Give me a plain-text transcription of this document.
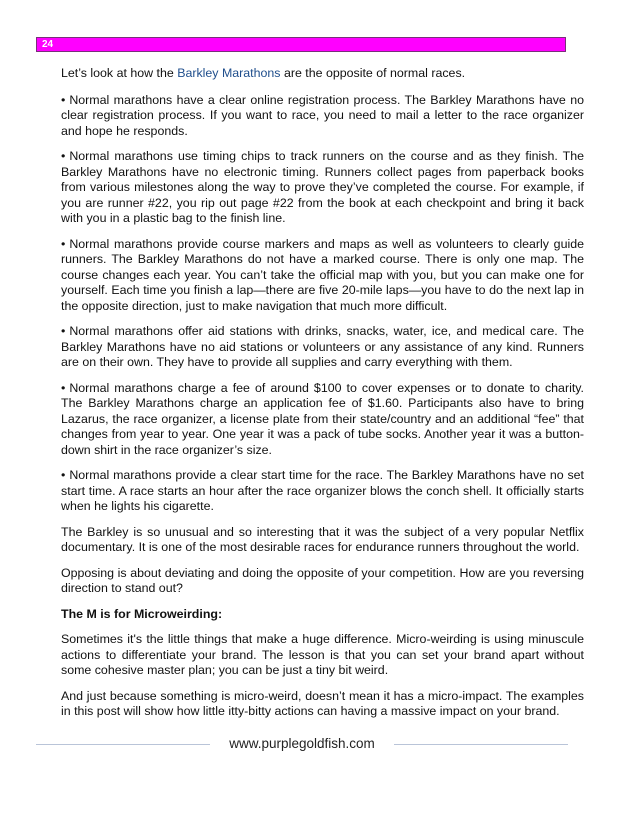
24

Let’s look at how the Barkley Marathons are the opposite of normal races.

• Normal marathons have a clear online registration process. The Barkley Marathons have no clear registration process. If you want to race, you need to mail a letter to the race organizer and hope he responds.

• Normal marathons use timing chips to track runners on the course and as they finish. The Barkley Marathons have no electronic timing. Runners collect pages from paperback books from various milestones along the way to prove they’ve completed the course. For example, if you are runner #22, you rip out page #22 from the book at each checkpoint and bring it back with you in a plastic bag to the finish line.

• Normal marathons provide course markers and maps as well as volunteers to clearly guide runners. The Barkley Marathons do not have a marked course. There is only one map. The course changes each year. You can’t take the official map with you, but you can make one for yourself. Each time you finish a lap—there are five 20-mile laps—you have to do the next lap in the opposite direction, just to make navigation that much more difficult.

• Normal marathons offer aid stations with drinks, snacks, water, ice, and medical care. The Barkley Marathons have no aid stations or volunteers or any assistance of any kind. Runners are on their own. They have to provide all supplies and carry everything with them.

• Normal marathons charge a fee of around $100 to cover expenses or to donate to charity. The Barkley Marathons charge an application fee of $1.60. Participants also have to bring Lazarus, the race organizer, a license plate from their state/country and an additional “fee” that changes from year to year. One year it was a pack of tube socks. Another year it was a button-down shirt in the race organizer’s size.

• Normal marathons provide a clear start time for the race. The Barkley Marathons have no set start time. A race starts an hour after the race organizer blows the conch shell. It officially starts when he lights his cigarette.

The Barkley is so unusual and so interesting that it was the subject of a very popular Netflix documentary. It is one of the most desirable races for endurance runners throughout the world.

Opposing is about deviating and doing the opposite of your competition. How are you reversing direction to stand out?

The M is for Microweirding:

Sometimes it's the little things that make a huge difference. Micro-weirding is using minuscule actions to differentiate your brand. The lesson is that you can set your brand apart without some cohesive master plan; you can be just a tiny bit weird.

And just because something is micro-weird, doesn’t mean it has a micro-impact. The examples in this post will show how little itty-bitty actions can having a massive impact on your brand.

www.purplegoldfish.com
